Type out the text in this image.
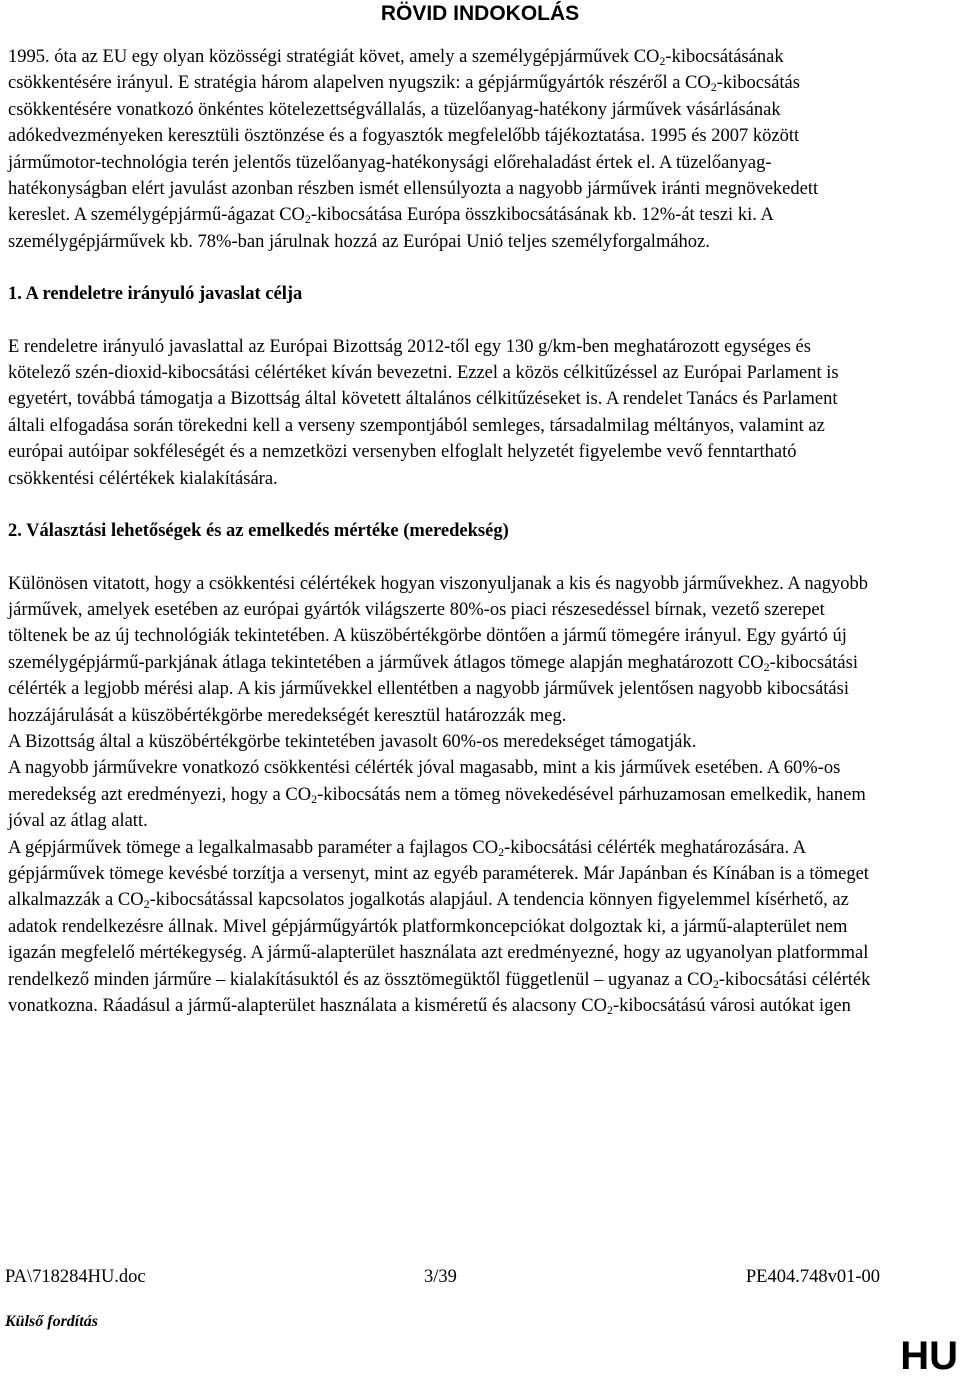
RÖVID INDOKOLÁS

1995. óta az EU egy olyan közösségi stratégiát követ, amely a személygépjárművek $CO_2$-kibocsátásának csökkentésére irányul. E stratégia három alapelven nyugszik: a gépjárműgyártók részéről a $CO_2$-kibocsátás csökkentésére vonatkozó önkéntes kötelezettségvállalás, a tüzelőanyag-hatékony járművek vásárlásának adókedvezményeken keresztüli ösztönzése és a fogyasztók megfelelőbb tájékoztatása. 1995 és 2007 között járműmotor-technológia terén jelentős tüzelőanyag-hatékonysági előrehaladást értek el. A tüzelőanyag-hatékonyságban elért javulást azonban részben ismét ellensúlyozta a nagyobb járművek iránti megnövekedett kereslet. A személygépjármű-ágazat $CO_2$-kibocsátása Európa összkibocsátásának kb. 12%-át teszi ki. A személygépjárművek kb. 78%-ban járulnak hozzá az Európai Unió teljes személyforgalmához.

1. A rendeletre irányuló javaslat célja

E rendeletre irányuló javaslattal az Európai Bizottság 2012-től egy 130 g/km-ben meghatározott egységes és kötelező szén-dioxid-kibocsátási célértéket kíván bevezetni. Ezzel a közös célkitűzéssel az Európai Parlament is egyetért, továbbá támogatja a Bizottság által követett általános célkitűzéseket is. A rendelet Tanács és Parlament általi elfogadása során törekedni kell a verseny szempontjából semleges, társadalmilag méltányos, valamint az európai autóipar sokféleségét és a nemzetközi versenyben elfoglalt helyzetét figyelembe vevő fenntartható csökkentési célértékek kialakítására.

2. Választási lehetőségek és az emelkedés mértéke (meredekség)

Különösen vitatott, hogy a csökkentési célértékek hogyan viszonyuljanak a kis és nagyobb járművekhez. A nagyobb járművek, amelyek esetében az európai gyártók világszerte 80%-os piaci részesedéssel bírnak, vezető szerepet töltenek be az új technológiák tekintetében. A küszöbértékgörbe döntően a jármű tömegére irányul. Egy gyártó új személygépjármű-parkjának átlaga tekintetében a járművek átlagos tömege alapján meghatározott $CO_2$-kibocsátási célérték a legjobb mérési alap. A kis járművekkel ellentétben a nagyobb járművek jelentősen nagyobb kibocsátási hozzájárulását a küszöbértékgörbe meredekségét keresztül határozzák meg.

A Bizottság által a küszöbértékgörbe tekintetében javasolt 60%-os meredekséget támogatják.

A nagyobb járművekre vonatkozó csökkentési célérték jóval magasabb, mint a kis járművek esetében. A 60%-os meredekség azt eredményezi, hogy a $CO_2$-kibocsátás nem a tömeg növekedésével párhuzamosan emelkedik, hanem jóval az átlag alatt.

A gépjárművek tömege a legalkalmasabb paraméter a fajlagos $CO_2$-kibocsátási célérték meghatározására. A gépjárművek tömege kevésbé torzítja a versenyt, mint az egyéb paraméterek. Már Japánban és Kínában is a tömeget alkalmazzák a $CO_2$-kibocsátással kapcsolatos jogalkotás alapjául. A tendencia könnyen figyelemmel kísérhető, az adatok rendelkezésre állnak. Mivel gépjárműgyártók platformkoncepciókat dolgoztak ki, a jármű-alapterület nem igazán megfelelő mértékegység. A jármű-alapterület használata azt eredményezné, hogy az ugyanolyan platformmal rendelkező minden járműre – kialakításuktól és az össztömegüktől függetlenül – ugyanaz a $CO_2$-kibocsátási célérték vonatkozna. Ráadásul a jármű-alapterület használata a kisméretű és alacsony $CO_2$-kibocsátású városi autókat igen

PA\718284HU.doc	3/39	PE404.748v01-00
Külső fordítás
HU
